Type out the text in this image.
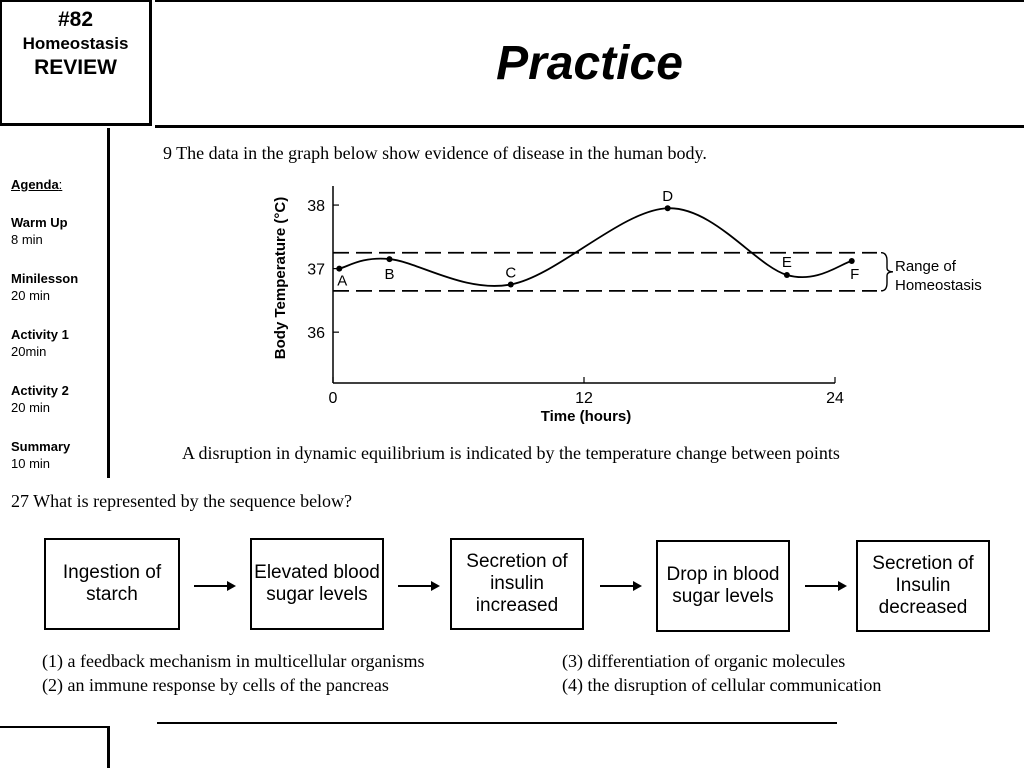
#82
Homeostasis
REVIEW	Practice
Agenda:
Warm Up
8 min
Minilesson
20 min
Activity 1
20min
Activity 2
20 min
Summary
10 min
9 The data in the graph below show evidence of disease in the human body.
Body Temperature (°C)
Time (hours)
Range of
Homeostasis
36
37
38
0	12	24
A B	C
D
E
F
A disruption in dynamic equilibrium is indicated by the temperature change between points
27 What is represented by the sequence below?
Ingestion of starch
Elevated blood sugar levels
Secretion of insulin increased
Drop in blood sugar levels
Secretion of Insulin decreased
(1) a feedback mechanism in multicellular organisms
(2) an immune response by cells of the pancreas
(3) differentiation of organic molecules
(4) the disruption of cellular communication
